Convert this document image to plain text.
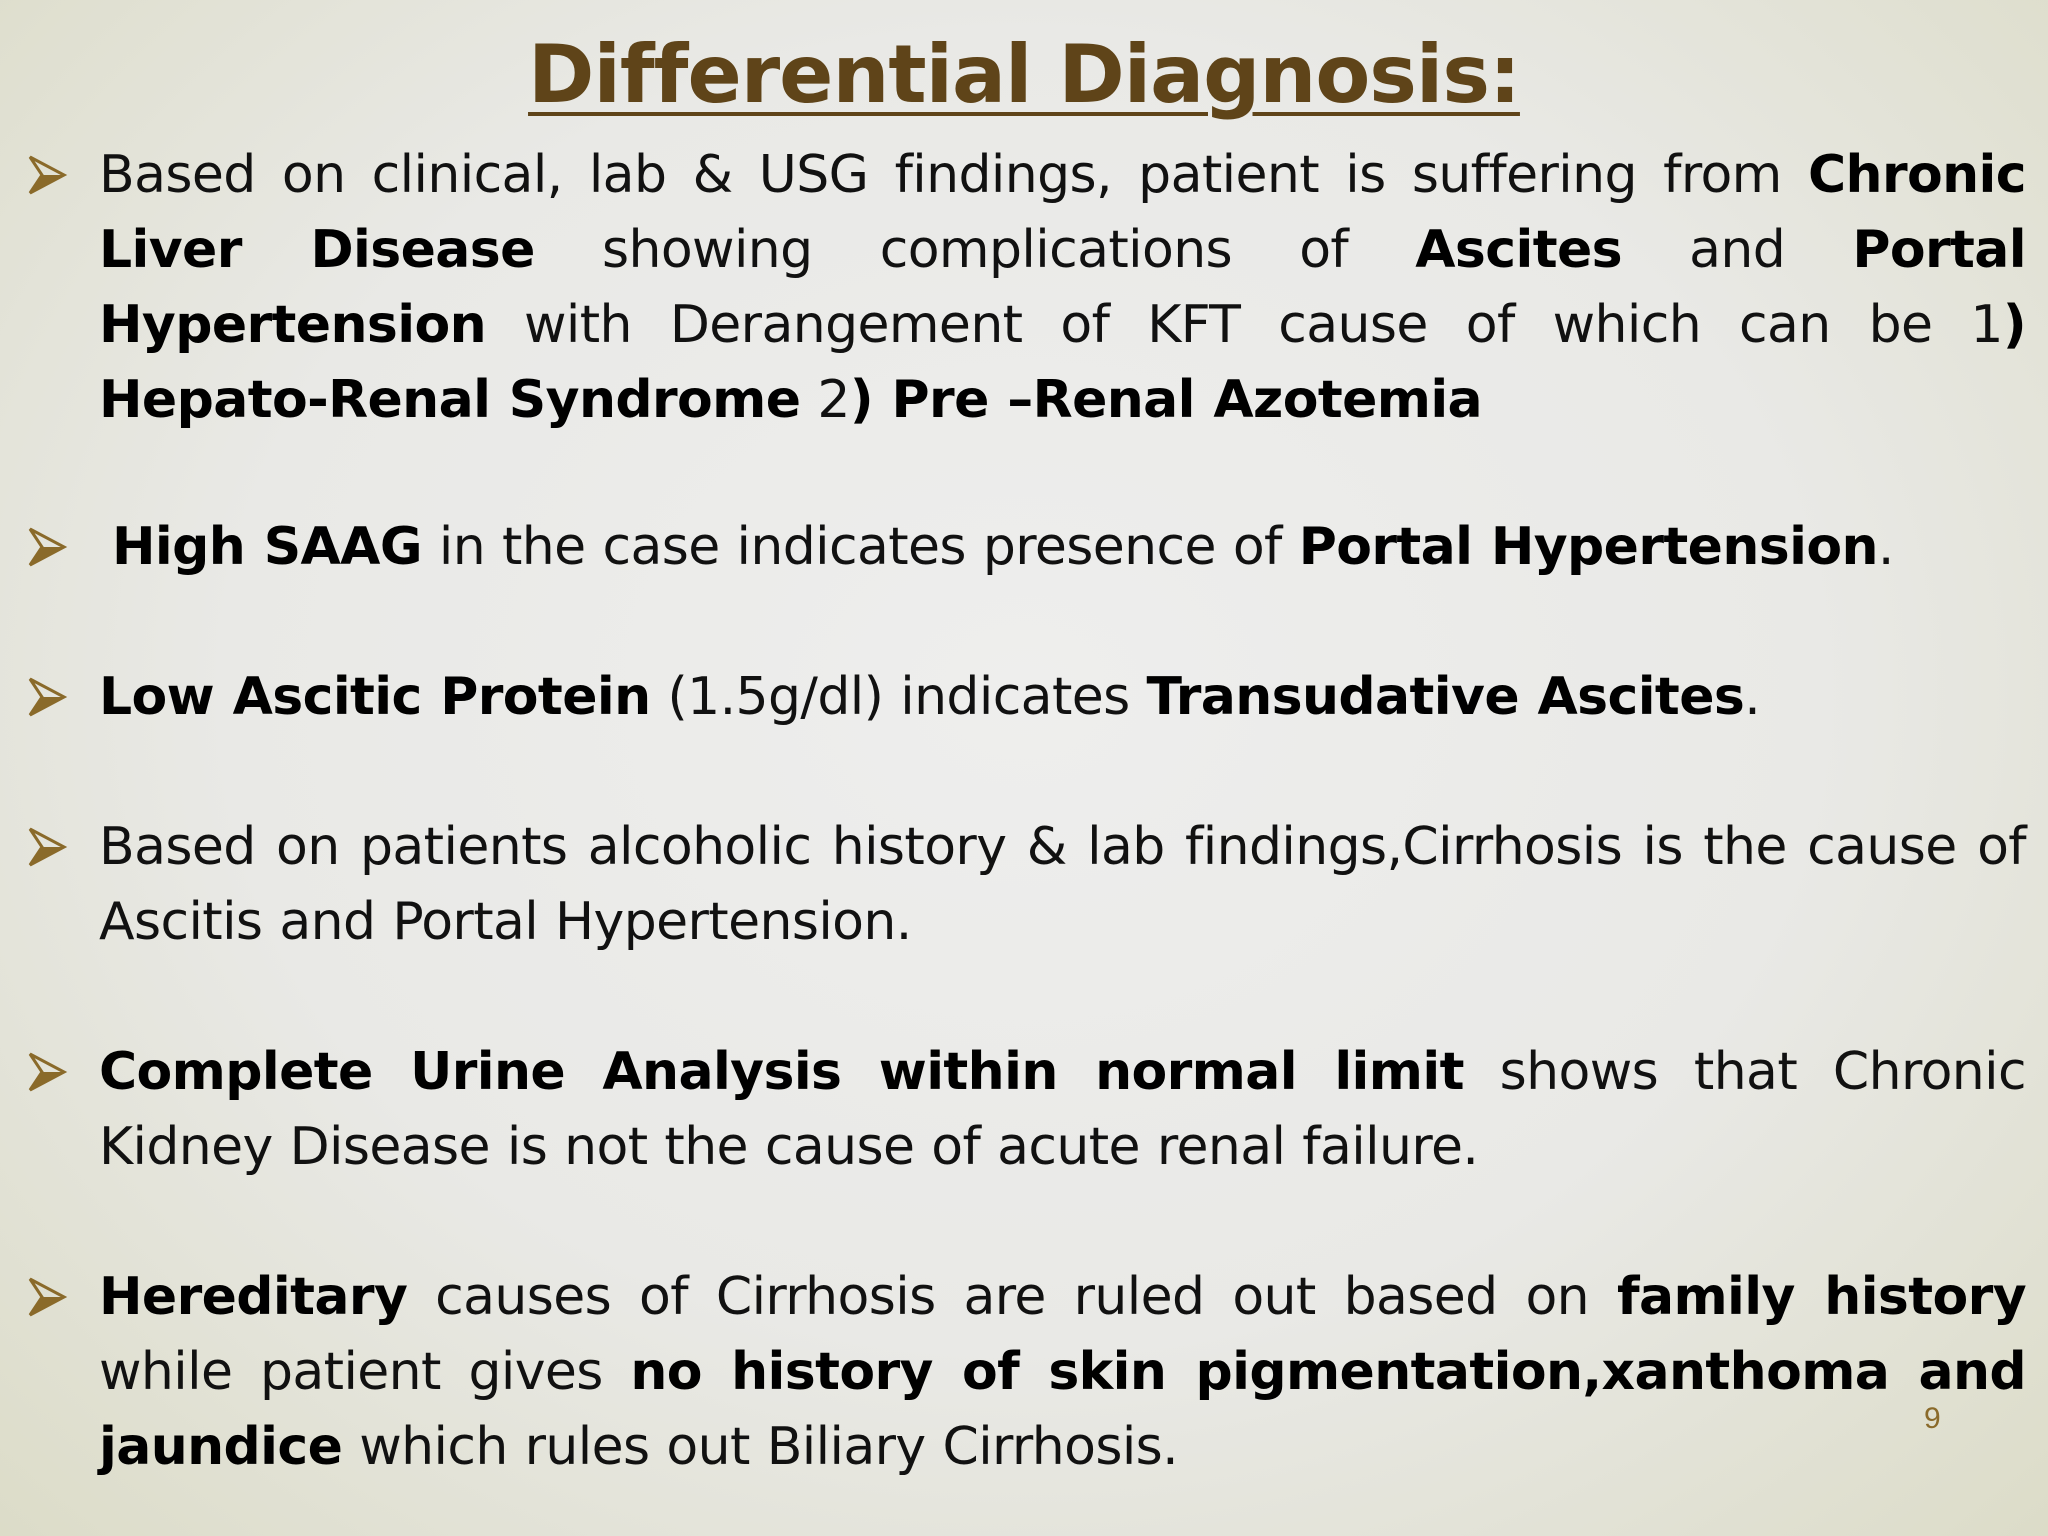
Differential Diagnosis:

Based on clinical, lab & USG findings, patient is suffering from Chronic Liver Disease showing complications of Ascites and Portal Hypertension with Derangement of KFT cause of which can be 1) Hepato-Renal Syndrome 2) Pre –Renal Azotemia

High SAAG in the case indicates presence of Portal Hypertension.

Low Ascitic Protein (1.5g/dl) indicates Transudative Ascites.

Based on patients alcoholic history & lab findings,Cirrhosis is the cause of Ascitis and Portal Hypertension.

Complete Urine Analysis within normal limit shows that Chronic Kidney Disease is not the cause of acute renal failure.

Hereditary causes of Cirrhosis are ruled out based on family history while patient gives no history of skin pigmentation,xanthoma and jaundice which rules out Biliary Cirrhosis.	9
